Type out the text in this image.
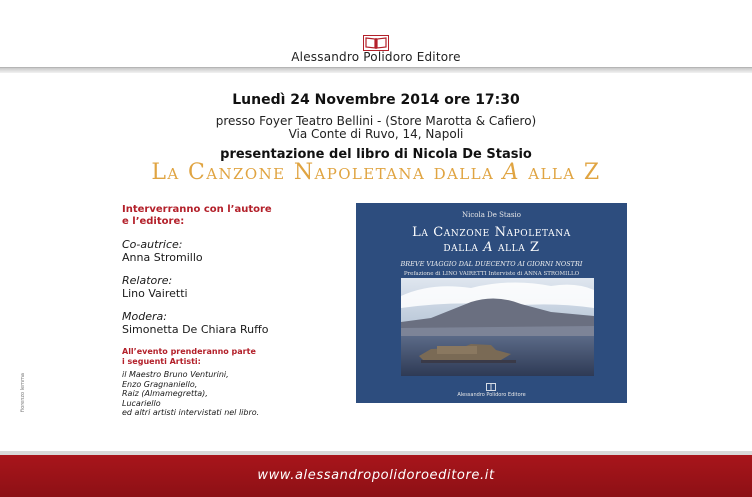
Alessandro Polidoro Editore
Lunedì 24 Novembre 2014 ore 17:30
presso Foyer Teatro Bellini - (Store Marotta & Cafiero)
Via Conte di Ruvo, 14, Napoli
presentazione del libro di Nicola De Stasio
La Canzone Napoletana dalla A alla Z

Interverranno con l’autore

e l’editore:

Co-autrice:

Anna Stromillo

Relatore:

Lino Vairetti

Modera:

Simonetta De Chiara Ruffo

All’evento prenderanno parte

i seguenti Artisti:

il Maestro Bruno Venturini,

Enzo Gragnaniello,

Raiz (Almamegretta),

Lucariello

ed altri artisti intervistati nel libro.

Nicola De Stasio
La Canzone Napoletana
dalla A alla Z
BREVE VIAGGIO DAL DUECENTO AI GIORNI NOSTRI
Prefazione di LINO VAIRETTI Interviste di ANNA STROMILLO
Alessandro Polidoro Editore
fiorenzo lemma
www.alessandropolidoroeditore.it
